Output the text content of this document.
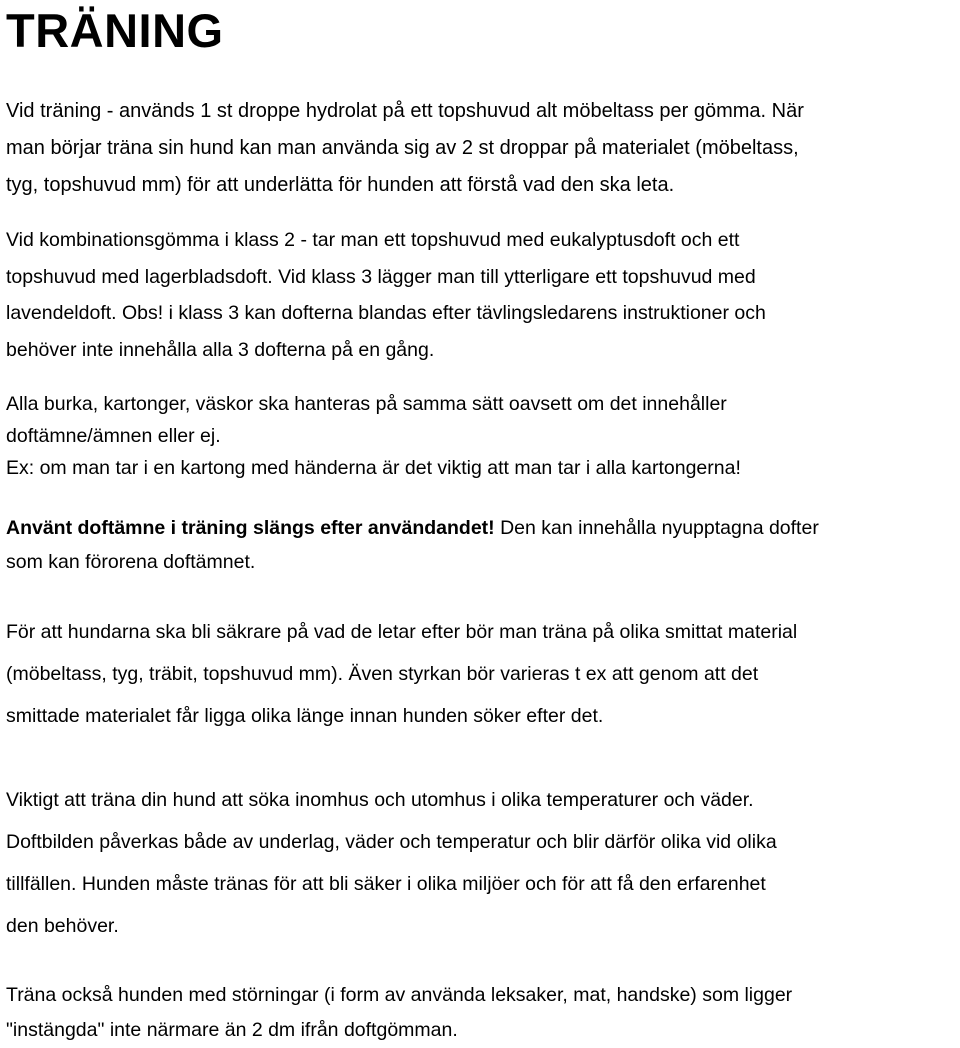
TRÄNING

Vid träning - används 1 st droppe hydrolat på ett topshuvud alt möbeltass per gömma. När
man börjar träna sin hund kan man använda sig av 2 st droppar på materialet (möbeltass,
tyg, topshuvud mm) för att underlätta för hunden att förstå vad den ska leta.

Vid kombinationsgömma i klass 2 - tar man ett topshuvud med eukalyptusdoft och ett
topshuvud med lagerbladsdoft. Vid klass 3 lägger man till ytterligare ett topshuvud med
lavendeldoft. Obs! i klass 3 kan dofterna blandas efter tävlingsledarens instruktioner och
behöver inte innehålla alla 3 dofterna på en gång.

Alla burka, kartonger, väskor ska hanteras på samma sätt oavsett om det innehåller
doftämne/ämnen eller ej.
Ex: om man tar i en kartong med händerna är det viktig att man tar i alla kartongerna!

Använt doftämne i träning slängs efter användandet! Den kan innehålla nyupptagna dofter
som kan förorena doftämnet.

För att hundarna ska bli säkrare på vad de letar efter bör man träna på olika smittat material
(möbeltass, tyg, träbit, topshuvud mm). Även styrkan bör varieras t ex att genom att det
smittade materialet får ligga olika länge innan hunden söker efter det.

Viktigt att träna din hund att söka inomhus och utomhus i olika temperaturer och väder.
Doftbilden påverkas både av underlag, väder och temperatur och blir därför olika vid olika
tillfällen. Hunden måste tränas för att bli säker i olika miljöer och för att få den erfarenhet
den behöver.

Träna också hunden med störningar (i form av använda leksaker, mat, handske) som ligger
"instängda" inte närmare än 2 dm ifrån doftgömman.
